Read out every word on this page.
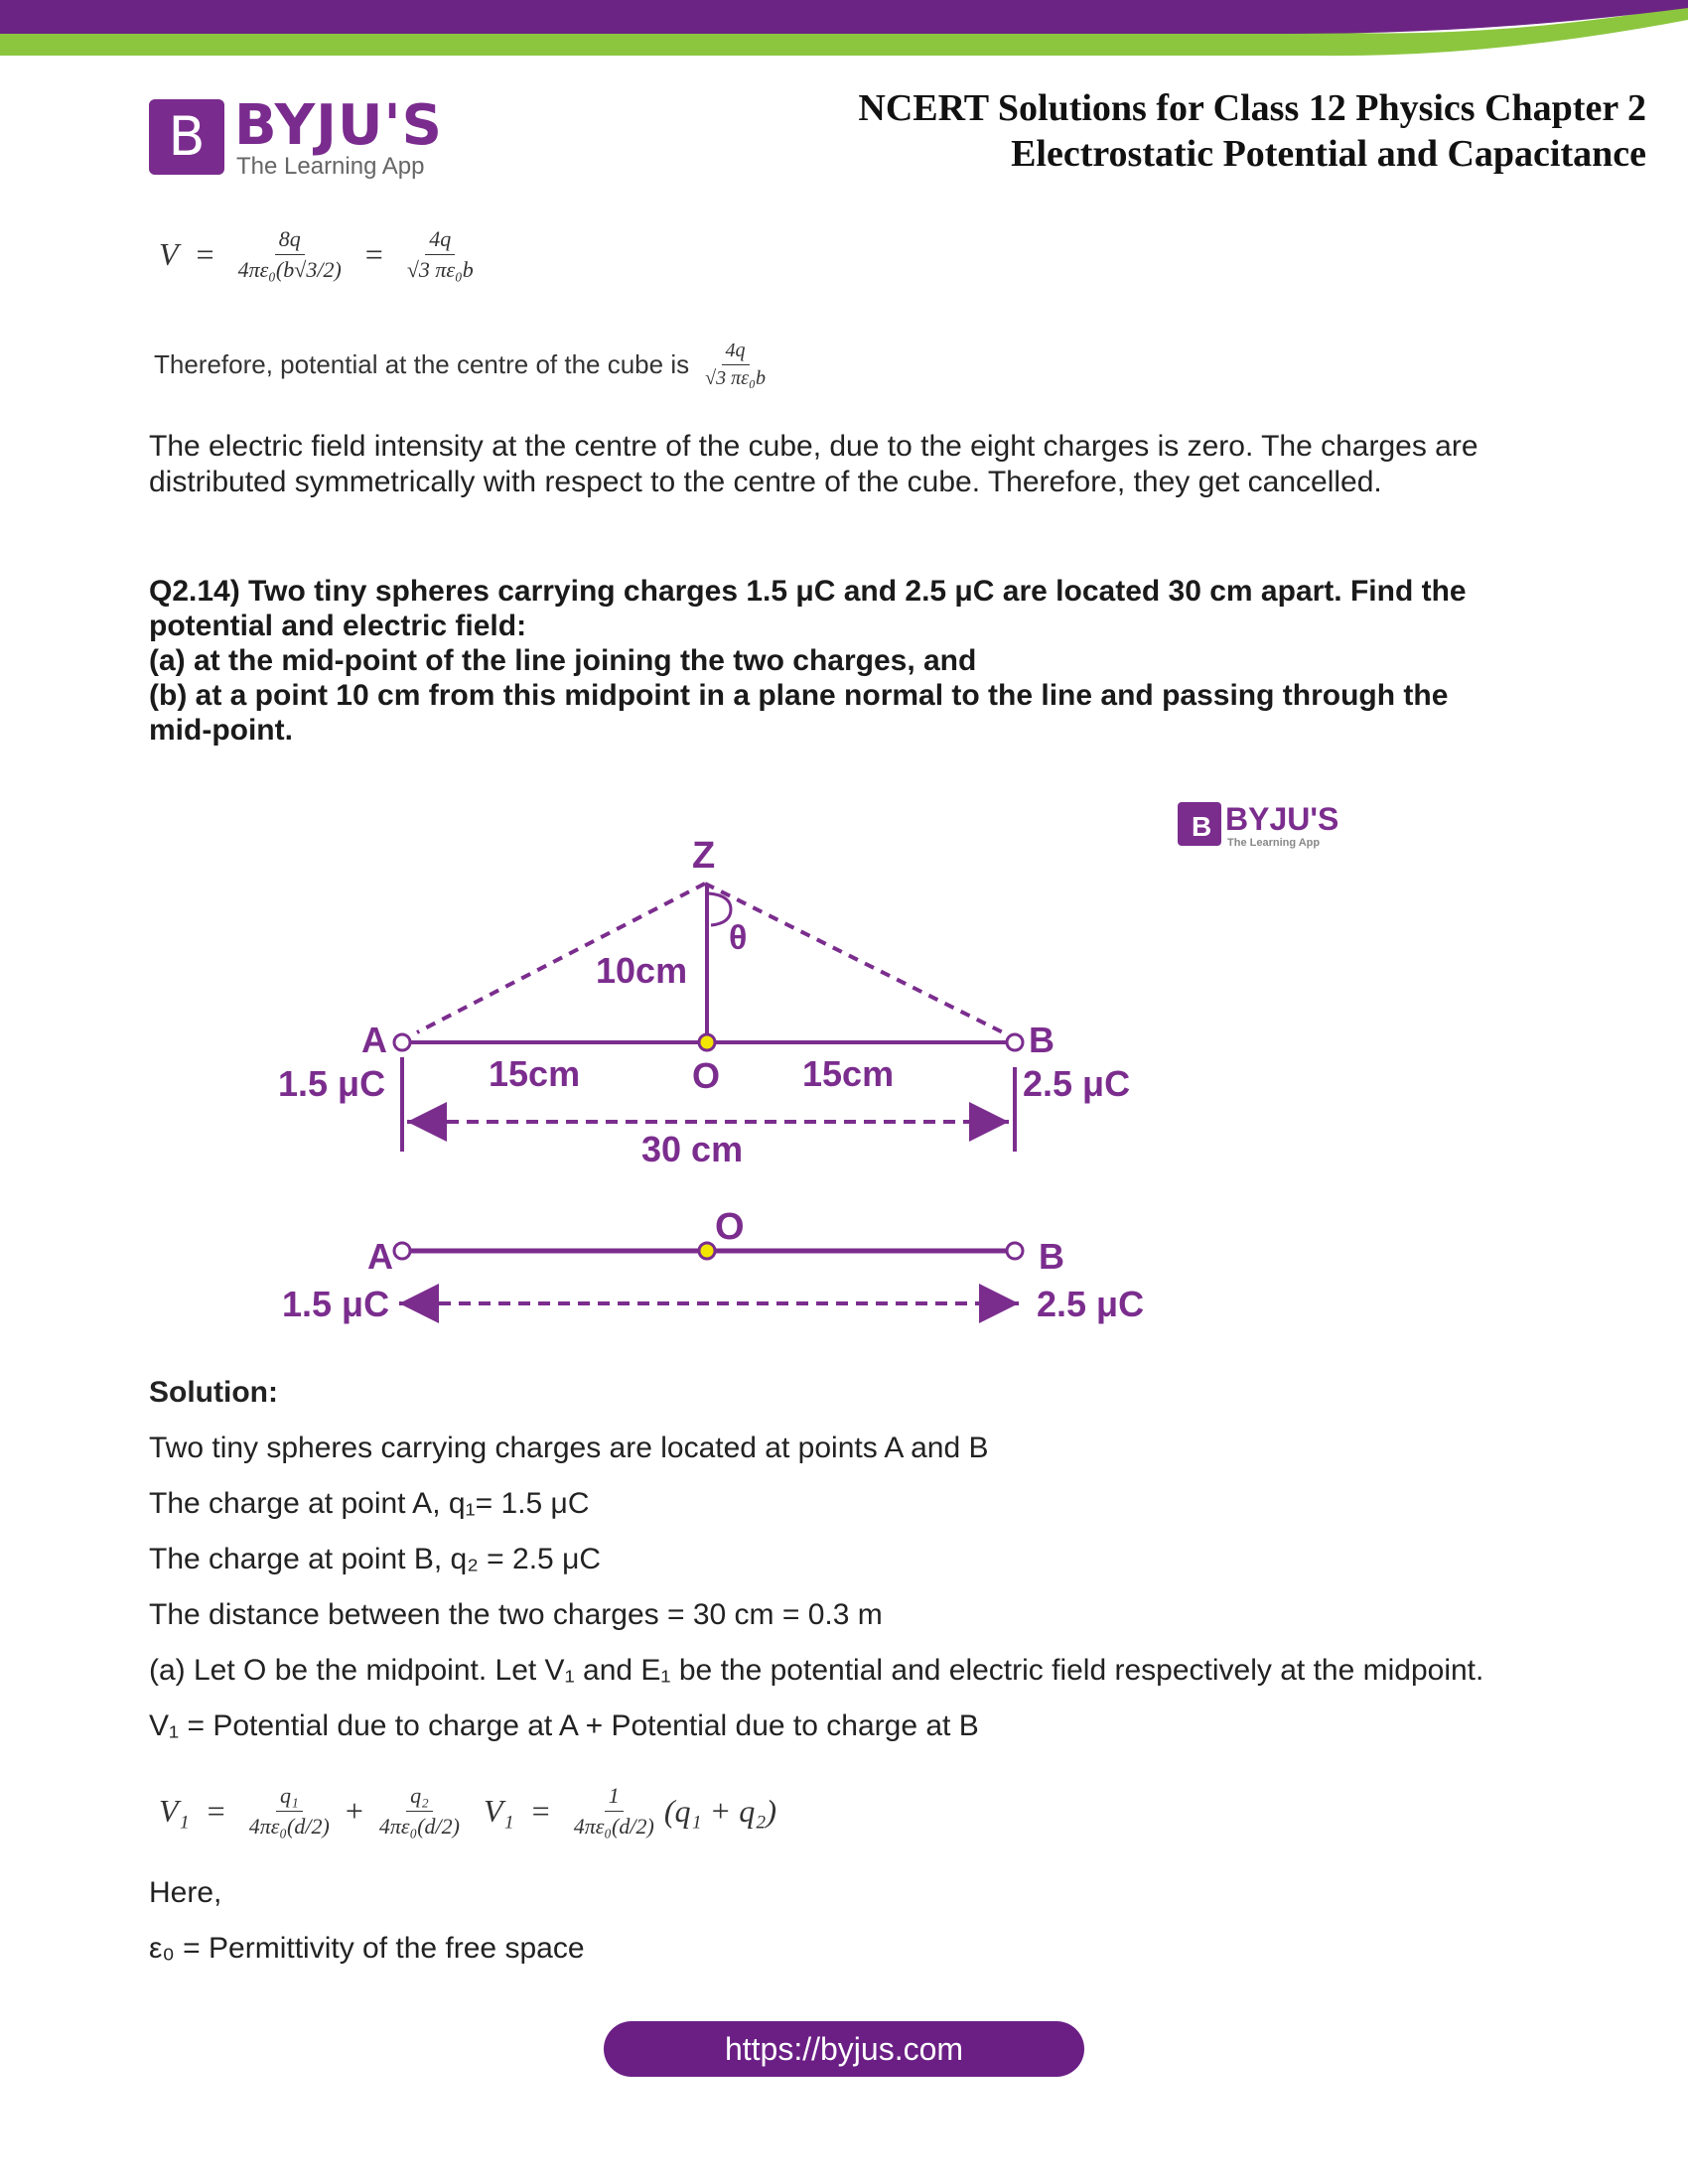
B BYJU'S
The Learning App
NCERT Solutions for Class 12 Physics Chapter 2
Electrostatic Potential and Capacitance
$V = \frac{8q}{\text{4πε₀(b√3/2)}} = \frac{4q}{\text{√3 πε₀b}}$
Therefore, potential at the centre of the cube is $\frac{4q}{\text{√3 πε₀b}}$
The electric field intensity at the centre of the cube, due to the eight charges is zero. The charges are distributed symmetrically with respect to the centre of the cube. Therefore, they get cancelled.
Q2.14) Two tiny spheres carrying charges 1.5 μC and 2.5 μC are located 30 cm apart. Find the
potential and electric field:
(a) at the mid-point of the line joining the two charges, and
(b) at a point 10 cm from this midpoint in a plane normal to the line and passing through the
mid-point.
B BYJU'S
The Learning App
Z
θ
10cm
A	B
O
1.5 μC	2.5 μC
15cm	15cm
30 cm
O
A	B
1.5 μC	2.5 μC
Solution:
Two tiny spheres carrying charges are located at points A and B
The charge at point A, q₁= 1.5 μC
The charge at point B, q₂ = 2.5 μC
The distance between the two charges = 30 cm = 0.3 m
(a) Let O be the midpoint. Let V₁ and E₁ be the potential and electric field respectively at the midpoint.
V₁ = Potential due to charge at A + Potential due to charge at B
$V_1 = \frac{\text{q₁}}{\text{4πε₀(d/2)}} + \frac{\text{q₂}}{\text{4πε₀(d/2)}} V_1 = \frac{1}{\text{4πε₀(d/2)}} (q_1 + q_2)$
Here,
ε₀ = Permittivity of the free space
https://byjus.com
